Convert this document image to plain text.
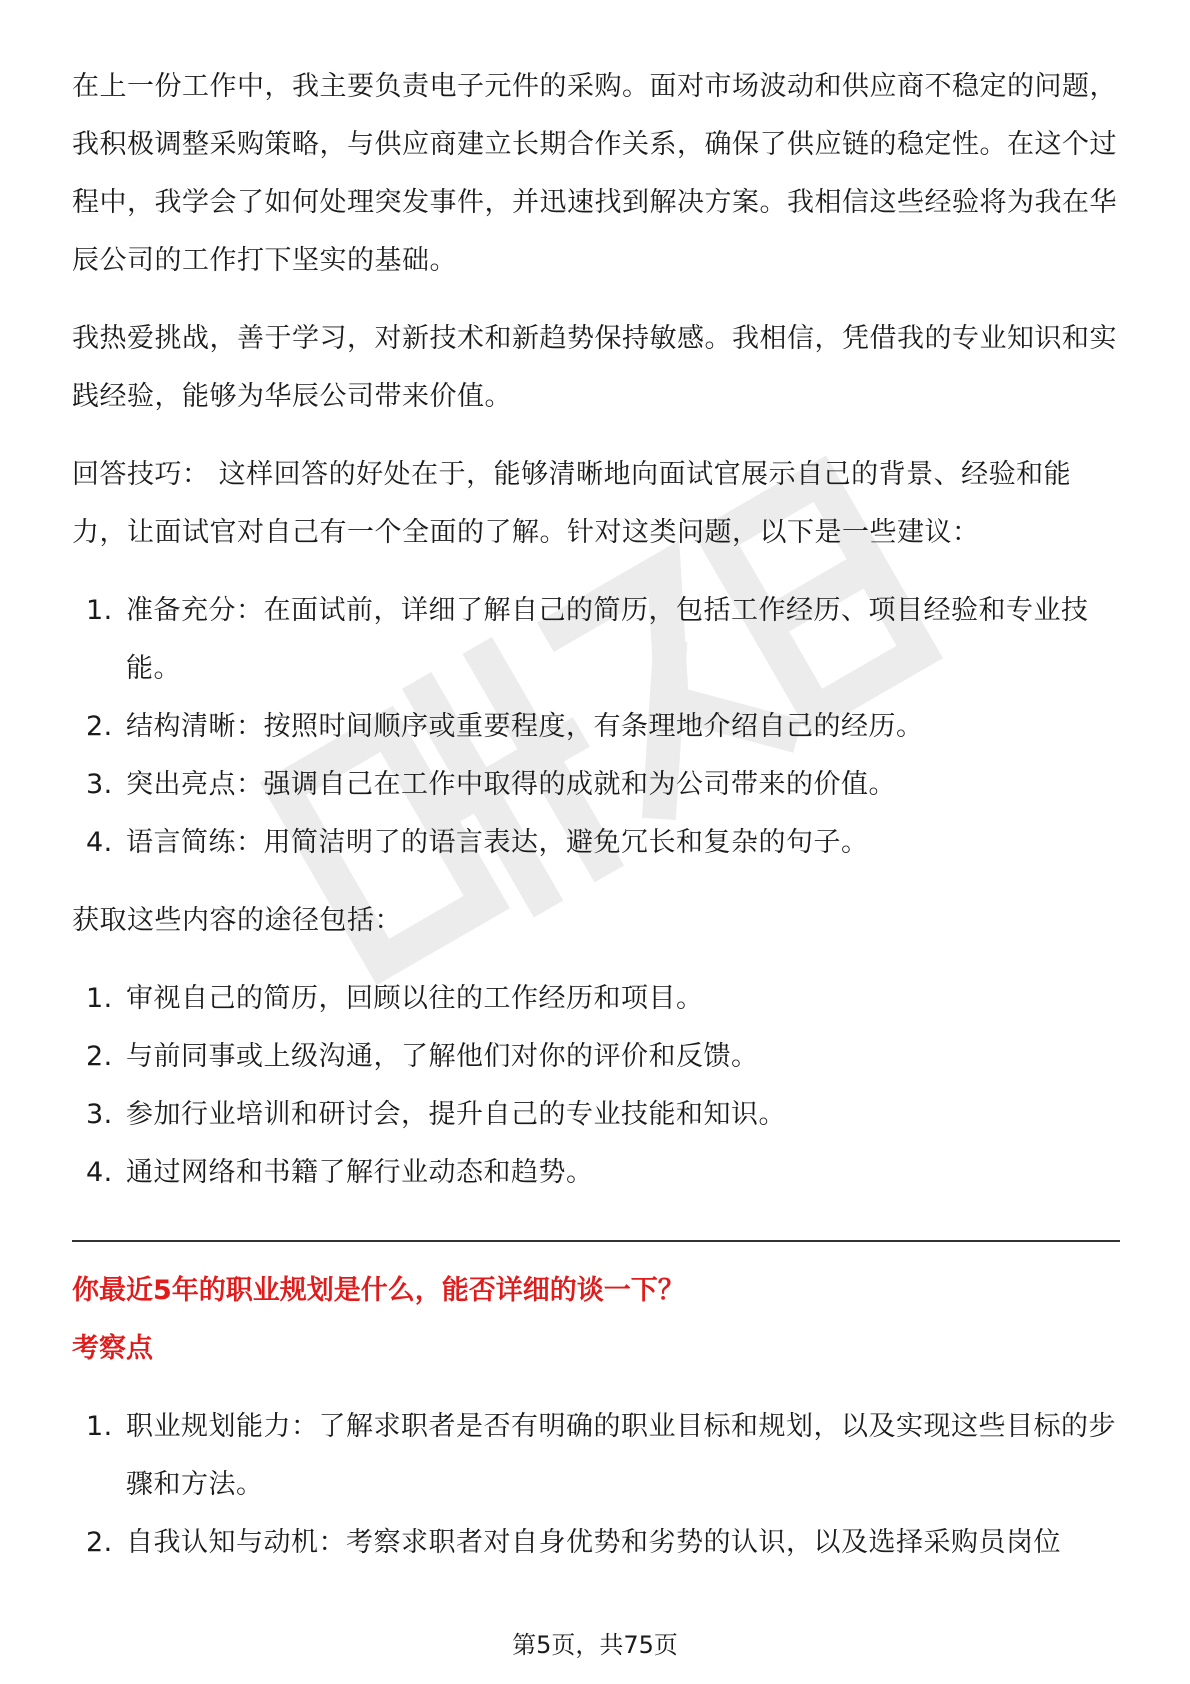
在上一份工作中，我主要负责电子元件的采购。面对市场波动和供应商不稳定的问题，我积极调整采购策略，与供应商建立长期合作关系，确保了供应链的稳定性。在这个过程中，我学会了如何处理突发事件，并迅速找到解决方案。我相信这些经验将为我在华辰公司的工作打下坚实的基础。

我热爱挑战，善于学习，对新技术和新趋势保持敏感。我相信，凭借我的专业知识和实践经验，能够为华辰公司带来价值。

回答技巧： 这样回答的好处在于，能够清晰地向面试官展示自己的背景、经验和能力，让面试官对自己有一个全面的了解。针对这类问题，以下是一些建议：

1. 准备充分：在面试前，详细了解自己的简历，包括工作经历、项目经验和专业技能。
2. 结构清晰：按照时间顺序或重要程度，有条理地介绍自己的经历。
3. 突出亮点：强调自己在工作中取得的成就和为公司带来的价值。
4. 语言简练：用简洁明了的语言表达，避免冗长和复杂的句子。

获取这些内容的途径包括：

1. 审视自己的简历，回顾以往的工作经历和项目。
2. 与前同事或上级沟通，了解他们对你的评价和反馈。
3. 参加行业培训和研讨会，提升自己的专业技能和知识。
4. 通过网络和书籍了解行业动态和趋势。
你最近5年的职业规划是什么，能否详细的谈一下？
考察点
1. 职业规划能力：了解求职者是否有明确的职业目标和规划，以及实现这些目标的步骤和方法。
2. 自我认知与动机：考察求职者对自身优势和劣势的认识，以及选择采购员岗位
第5页，共75页
